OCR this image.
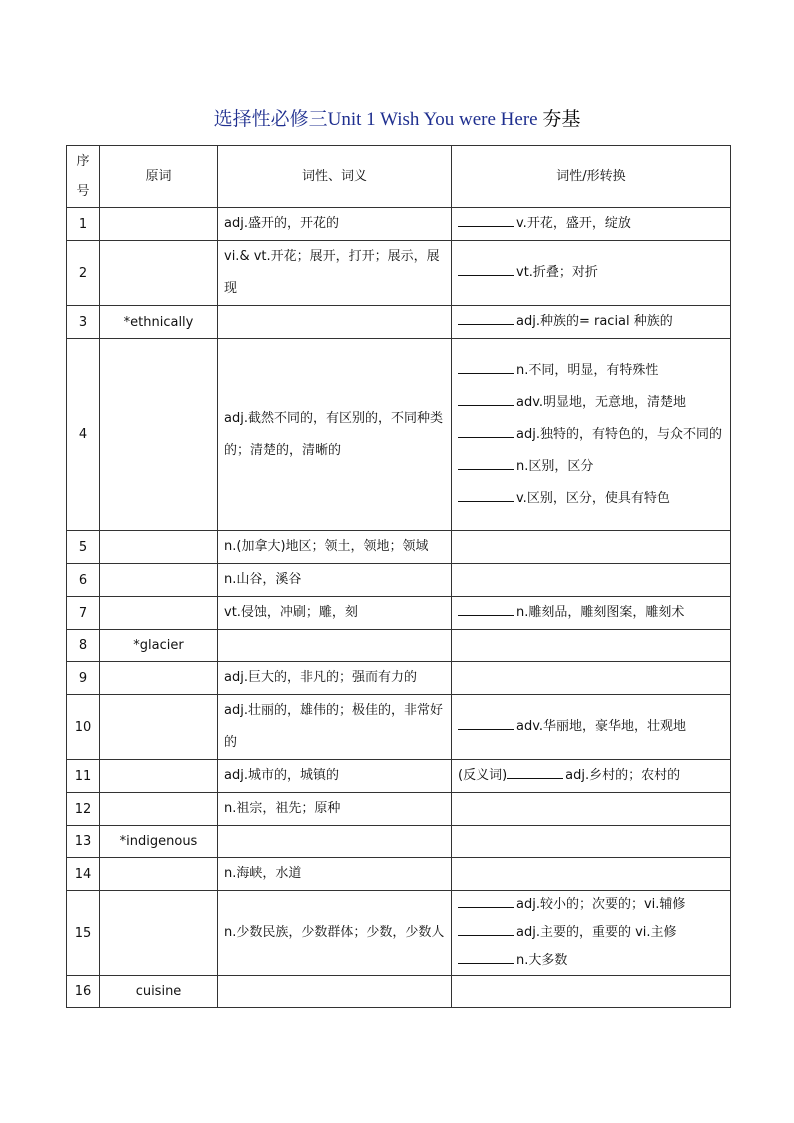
选择性必修三Unit 1 Wish You were Here 夯基
序
号	原词	词性、词义	词性/形转换
1		adj.盛开的，开花的	v.开花，盛开，绽放

2		vi.& vt.开花；展开，打开；展示，展现	vt.折叠；对折

3	*ethnically		adj.种族的= racial 种族的

4		adj.截然不同的，有区别的，不同种类的；清楚的，清晰的	n.不同，明显，有特殊性
adv.明显地，无意地，清楚地
adj.独特的，有特色的，与众不同的
n.区别，区分
v.区别，区分，使具有特色

5		n.(加拿大)地区；领土，领地；领域	
6		n.山谷，溪谷	
7		vt.侵蚀，冲刷；雕，刻	n.雕刻品，雕刻图案，雕刻术

8	*glacier		
9		adj.巨大的，非凡的；强而有力的	
10		adj.壮丽的，雄伟的；极佳的，非常好的	adv.华丽地，豪华地，壮观地

11		adj.城市的，城镇的	(反义词) adj.乡村的；农村的

12		n.祖宗，祖先；原种	
13	*indigenous		
14		n.海峡，水道	
15		n.少数民族，少数群体；少数，少数人	adj.较小的；次要的；vi.辅修
adj.主要的，重要的 vi.主修
n.大多数

16	cuisine		
